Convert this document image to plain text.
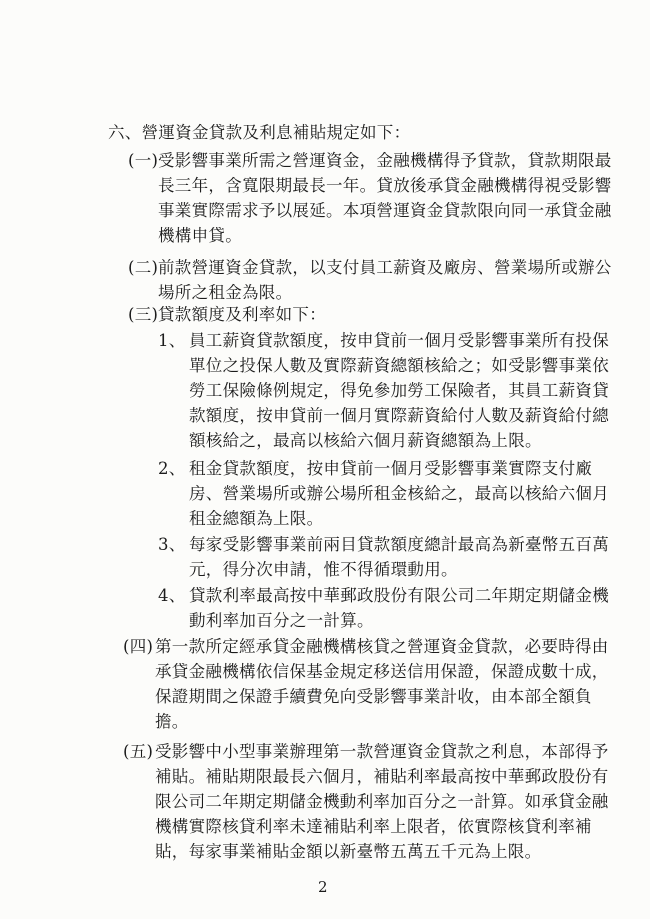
六、營運資金貸款及利息補貼規定如下：
(一) 受影響事業所需之營運資金，金融機構得予貸款，貸款期限最
長三年，含寬限期最長一年。貸放後承貸金融機構得視受影響
事業實際需求予以展延。本項營運資金貸款限向同一承貸金融
機構申貸。
(二) 前款營運資金貸款，以支付員工薪資及廠房、營業場所或辦公
場所之租金為限。
(三) 貸款額度及利率如下：
1、 員工薪資貸款額度，按申貸前一個月受影響事業所有投保
單位之投保人數及實際薪資總額核給之；如受影響事業依
勞工保險條例規定，得免參加勞工保險者，其員工薪資貸
款額度，按申貸前一個月實際薪資給付人數及薪資給付總
額核給之，最高以核給六個月薪資總額為上限。
2、 租金貸款額度，按申貸前一個月受影響事業實際支付廠
房、營業場所或辦公場所租金核給之，最高以核給六個月
租金總額為上限。
3、 每家受影響事業前兩目貸款額度總計最高為新臺幣五百萬
元，得分次申請，惟不得循環動用。
4、 貸款利率最高按中華郵政股份有限公司二年期定期儲金機
動利率加百分之一計算。
(四) 第一款所定經承貸金融機構核貸之營運資金貸款，必要時得由
承貸金融機構依信保基金規定移送信用保證，保證成數十成，
保證期間之保證手續費免向受影響事業計收，由本部全額負
擔。
(五) 受影響中小型事業辦理第一款營運資金貸款之利息，本部得予
補貼。補貼期限最長六個月，補貼利率最高按中華郵政股份有
限公司二年期定期儲金機動利率加百分之一計算。如承貸金融
機構實際核貸利率未達補貼利率上限者，依實際核貸利率補
貼，每家事業補貼金額以新臺幣五萬五千元為上限。
2
